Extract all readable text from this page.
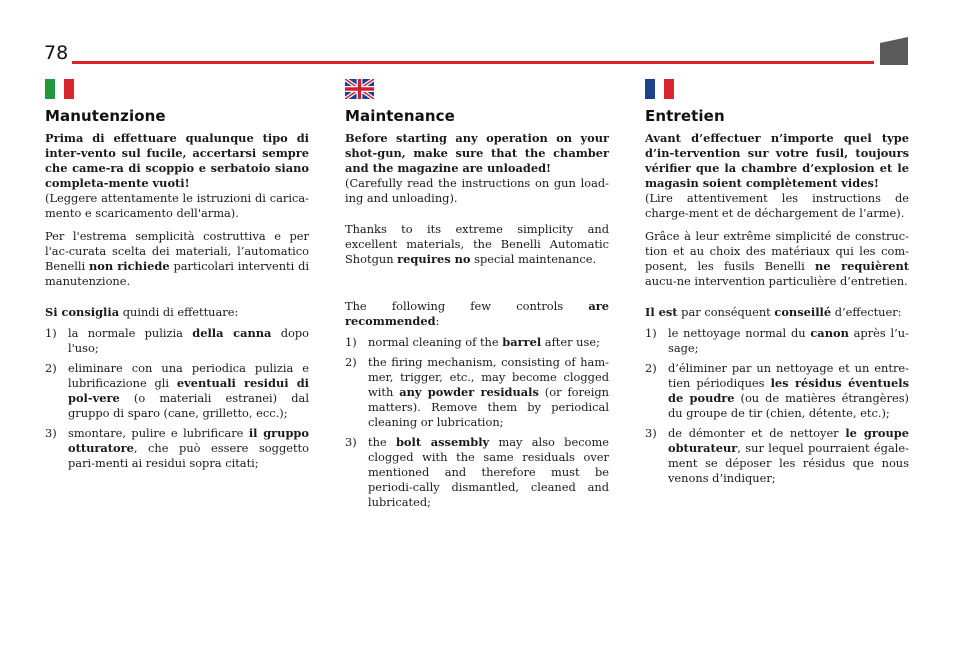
78
Manutenzione

Prima di effettuare qualunque tipo di inter-vento sul fucile, accertarsi sempre che came-ra di scoppio e serbatoio siano completa-mente vuoti!

(Leggere attentamente le istruzioni di carica-mento e scaricamento dell'arma).

Per l'estrema semplicità costruttiva e per l'ac-curata scelta dei materiali, l’automatico Benelli non richiede particolari interventi di manutenzione.

Si consiglia quindi di effettuare:

1) la normale pulizia della canna dopo l'uso;
2) eliminare con una periodica pulizia e lubrificazione gli eventuali residui di pol-vere (o materiali estranei) dal gruppo di sparo (cane, grilletto, ecc.);
3) smontare, pulire e lubrificare il gruppo otturatore, che può essere soggetto pari-menti ai residui sopra citati;
Maintenance

Before starting any operation on your shot-gun, make sure that the chamber and the magazine are unloaded!

(Carefully read the instructions on gun load-ing and unloading).

Thanks to its extreme simplicity and excellent materials, the Benelli Automatic Shotgun requires no special maintenance.

The following few controls are recommended:

1) normal cleaning of the barrel after use;
2) the firing mechanism, consisting of ham-mer, trigger, etc., may become clogged with any powder residuals (or foreign matters). Remove them by periodical cleaning or lubrication;
3) the bolt assembly may also become clogged with the same residuals over mentioned and therefore must be periodi-cally dismantled, cleaned and lubricated;
Entretien

Avant d’effectuer n’importe quel type d’in-tervention sur votre fusil, toujours vérifier que la chambre d’explosion et le magasin soient complètement vides!

(Lire attentivement les instructions de charge-ment et de déchargement de l’arme).

Grâce à leur extrême simplicité de construc-tion et au choix des matériaux qui les com-posent, les fusils Benelli ne requièrent aucu-ne intervention particulière d’entretien.

Il est par conséquent conseillé d’effectuer:

1) le nettoyage normal du canon après l’u-sage;
2) d’éliminer par un nettoyage et un entre-tien périodiques les résidus éventuels de poudre (ou de matières étrangères) du groupe de tir (chien, détente, etc.);
3) de démonter et de nettoyer le groupe obturateur, sur lequel pourraient égale-ment se déposer les résidus que nous venons d’indiquer;
